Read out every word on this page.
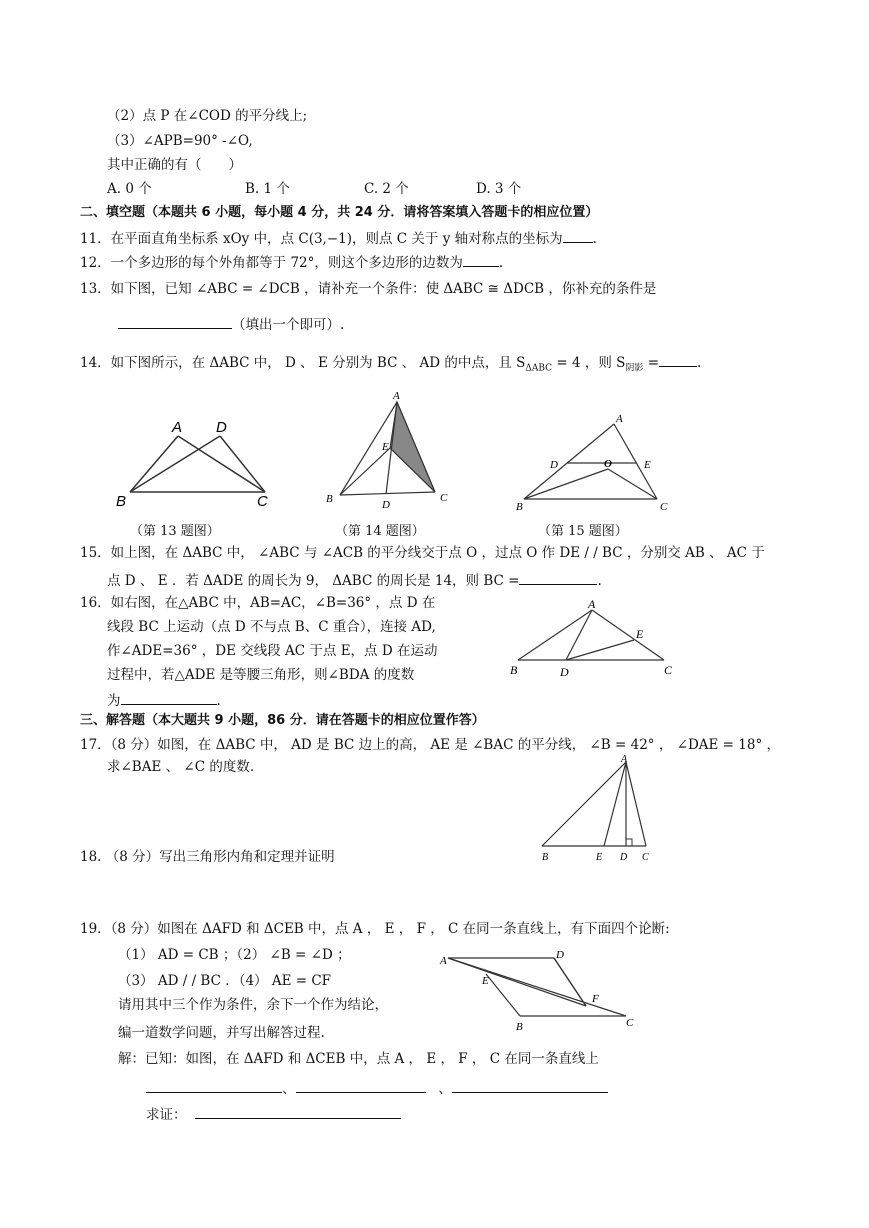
（2）点 P 在∠COD 的平分线上;
（3）∠APB=90° -∠O,
其中正确的有（　　）
A. 0 个	B. 1 个	C. 2 个	D. 3 个
二、填空题（本题共 6 小题，每小题 4 分，共 24 分．请将答案填入答题卡的相应位置）
11．在平面直角坐标系 xOy 中，点 C(3,−1)，则点 C 关于 y 轴对称点的坐标为 .
12．一个多边形的每个外角都等于 72°，则这个多边形的边数为	.
13．如下图，已知 ∠ABC = ∠DCB ，请补充一个条件：使 ΔABC ≅ ΔDCB ，你补充的条件是
（填出一个即可）.
14．如下图所示，在 ΔABC 中， D 、 E 分别为 BC 、 AD 的中点，且 $S_{\Delta ABC} = 4$ ，则 $S_{阴影}$ =	.
A D
B	C
（第 13 题图）
A
E
B	D
C
（第 14 题图）
A
D	O	E
B	C
（第 15 题图）
15．如上图，在 ΔABC 中， ∠ABC 与 ∠ACB 的平分线交于点 O ，过点 O 作 DE / / BC ，分别交 AB 、 AC 于
点 D 、 E ．若 ΔADE 的周长为 9， ΔABC 的周长是 14，则 BC =	.
16．如右图，在△ABC 中，AB=AC，∠B=36° ，点 D 在
线段 BC 上运动（点 D 不与点 B、C 重合），连接 AD,
作∠ADE=36° ，DE 交线段 AC 于点 E，点 D 在运动
过程中，若△ADE 是等腰三角形，则∠BDA 的度数
为	.
A
E
B	D	C
三、解答题（本大题共 9 小题，86 分．请在答题卡的相应位置作答）
17．（8 分）如图，在 ΔABC 中， AD 是 BC 边上的高， AE 是 ∠BAC 的平分线， ∠B = 42° ， ∠DAE = 18° ，
求∠BAE 、 ∠C 的度数.	A
B	E D C
18. （8 分）写出三角形内角和定理并证明
19．（8 分）如图在 ΔAFD 和 ΔCEB 中，点 A ， E ， F ， C 在同一条直线上，有下面四个论断:
（1） AD = CB ；（2） ∠B = ∠D ；
（3） AD / / BC ．（4） AE = CF
请用其中三个作为条件，余下一个作为结论，
编一道数学问题，并写出解答过程.
解：已知：如图，在 ΔAFD 和 ΔCEB 中，点 A ， E ， F ， C 在同一条直线上
A	D
E
F
B	C
、	、
求证：
